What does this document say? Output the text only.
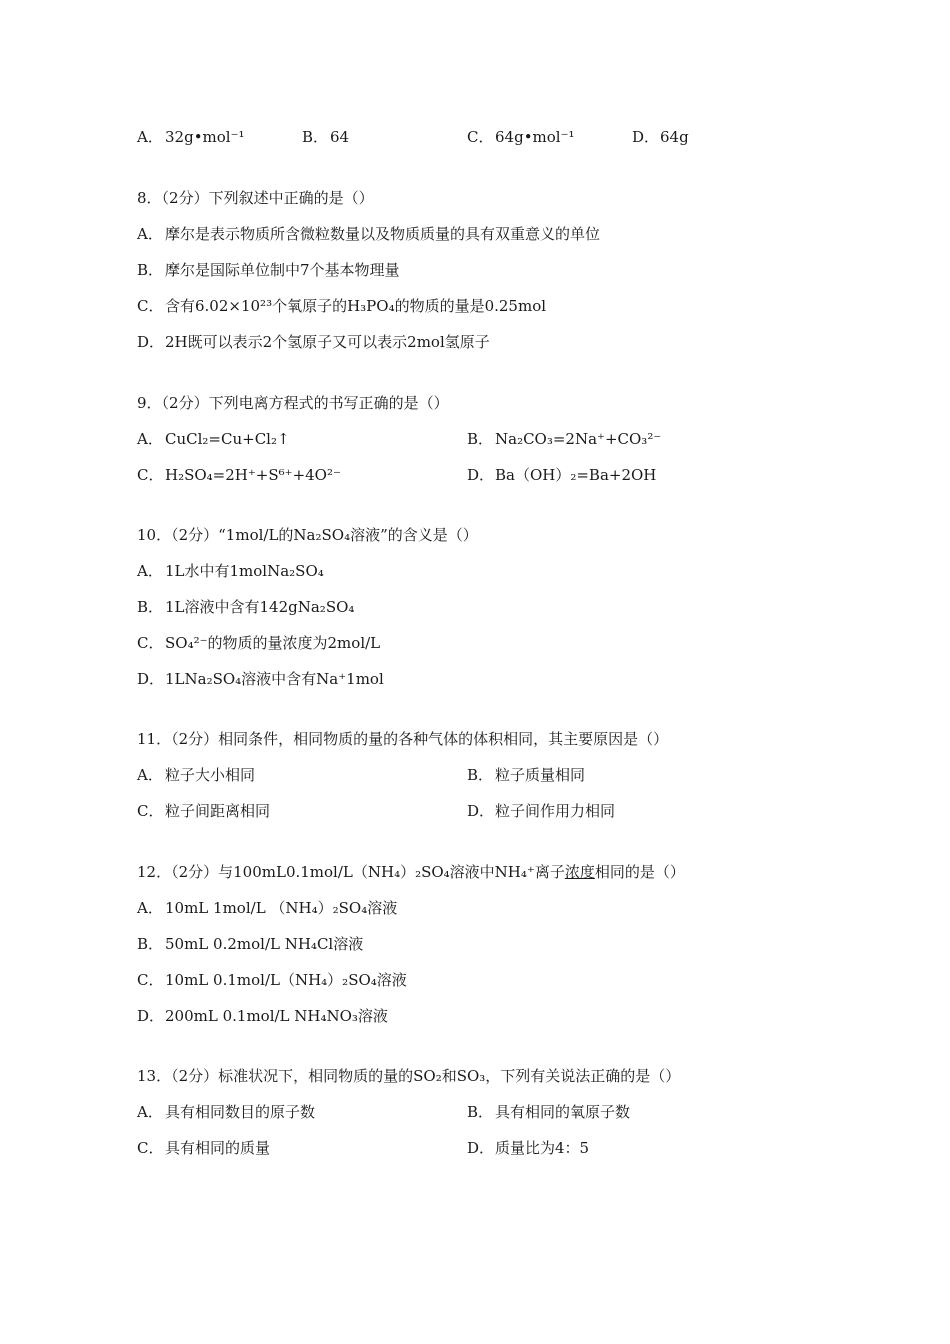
A． 32g•mol⁻¹	B． 64	C． 64g•mol⁻¹	D．64g
8．（2分）下列叙述中正确的是（）
A． 摩尔是表示物质所含微粒数量以及物质质量的具有双重意义的单位
B． 摩尔是国际单位制中7个基本物理量
C． 含有6.02×10²³个氧原子的H₃PO₄的物质的量是0.25mol
D．2H既可以表示2个氢原子又可以表示2mol氢原子
9．（2分）下列电离方程式的书写正确的是（）
A． CuCl₂=Cu+Cl₂↑	B． Na₂CO₃=2Na⁺+CO₃²⁻
C． H₂SO₄=2H⁺+S⁶⁺+4O²⁻	D．Ba（OH）₂=Ba+2OH
10．（2分）“1mol/L的Na₂SO₄溶液”的含义是（）
A． 1L水中有1molNa₂SO₄
B． 1L溶液中含有142gNa₂SO₄
C． SO₄²⁻的物质的量浓度为2mol/L
D．1LNa₂SO₄溶液中含有Na⁺1mol
11．（2分）相同条件，相同物质的量的各种气体的体积相同，其主要原因是（）
A． 粒子大小相同	B． 粒子质量相同
C． 粒子间距离相同	D．粒子间作用力相同
12．（2分）与100mL0.1mol/L（NH₄）₂SO₄溶液中NH₄⁺离子浓度相同的是（）
A． 10mL 1mol/L （NH₄）₂SO₄溶液
B． 50mL 0.2mol/L NH₄Cl溶液
C． 10mL 0.1mol/L（NH₄）₂SO₄溶液
D．200mL 0.1mol/L NH₄NO₃溶液
13．（2分）标准状况下，相同物质的量的SO₂和SO₃，下列有关说法正确的是（）
A． 具有相同数目的原子数	B． 具有相同的氧原子数
C． 具有相同的质量	D．质量比为4：5
